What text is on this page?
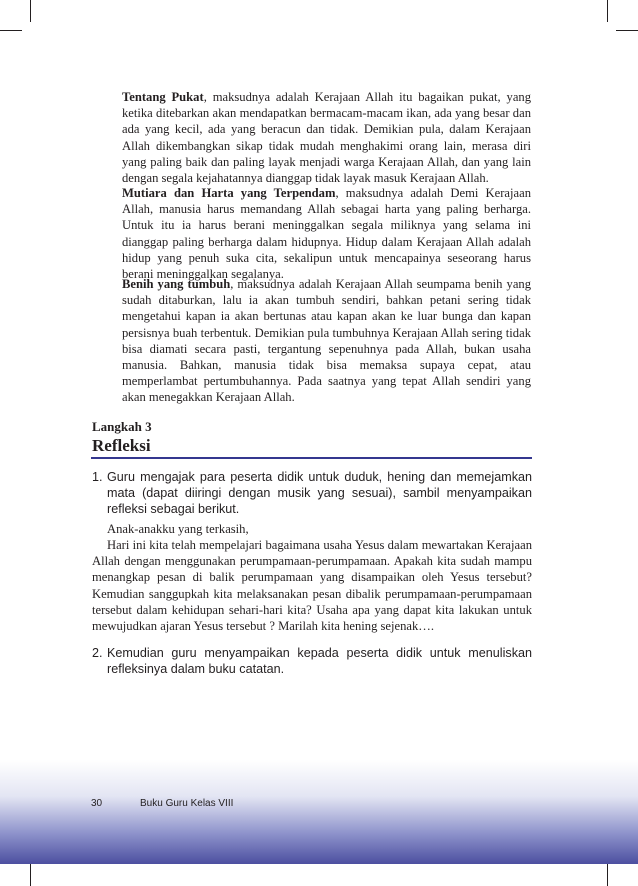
Tentang Pukat, maksudnya adalah Kerajaan Allah itu bagaikan pukat, yang ketika ditebarkan akan mendapatkan bermacam-macam ikan, ada yang besar dan ada yang kecil, ada yang beracun dan tidak. Demikian pula, dalam Kerajaan Allah dikembangkan sikap tidak mudah menghakimi orang lain, merasa diri yang paling baik dan paling layak menjadi warga Kerajaan Allah, dan yang lain dengan segala kejahatannya dianggap tidak layak masuk Kerajaan Allah.

Mutiara dan Harta yang Terpendam, maksudnya adalah Demi Kerajaan Allah, manusia harus memandang Allah sebagai harta yang paling berharga. Untuk itu ia harus berani meninggalkan segala miliknya yang selama ini dianggap paling berharga dalam hidupnya. Hidup dalam Kerajaan Allah adalah hidup yang penuh suka cita, sekalipun untuk mencapainya seseorang harus berani meninggalkan segalanya.

Benih yang tumbuh, maksudnya adalah Kerajaan Allah seumpama benih yang sudah ditaburkan, lalu ia akan tumbuh sendiri, bahkan petani sering tidak mengetahui kapan ia akan bertunas atau kapan akan ke luar bunga dan kapan persisnya buah terbentuk. Demikian pula tumbuhnya Kerajaan Allah sering tidak bisa diamati secara pasti, tergantung sepenuhnya pada Allah, bukan usaha manusia. Bahkan, manusia tidak bisa memaksa supaya cepat, atau memperlambat pertumbuhannya. Pada saatnya yang tepat Allah sendiri yang akan menegakkan Kerajaan Allah.

Langkah 3

Refleksi
1. Guru mengajak para peserta didik untuk duduk, hening dan memejamkan mata (dapat diiringi dengan musik yang sesuai), sambil menyampaikan refleksi sebagai berikut.

Anak-anakku yang terkasih,

Hari ini kita telah mempelajari bagaimana usaha Yesus dalam mewartakan Kerajaan Allah dengan menggunakan perumpamaan-perumpamaan. Apakah kita sudah mampu menangkap pesan di balik perumpamaan yang disampaikan oleh Yesus tersebut? Kemudian sanggupkah kita melaksanakan pesan dibalik perumpamaan-perumpamaan tersebut dalam kehidupan sehari-hari kita? Usaha apa yang dapat kita lakukan untuk mewujudkan ajaran Yesus tersebut ? Marilah kita hening sejenak….

2. Kemudian guru menyampaikan kepada peserta didik untuk menuliskan refleksinya dalam buku catatan.
30	Buku Guru Kelas VIII
